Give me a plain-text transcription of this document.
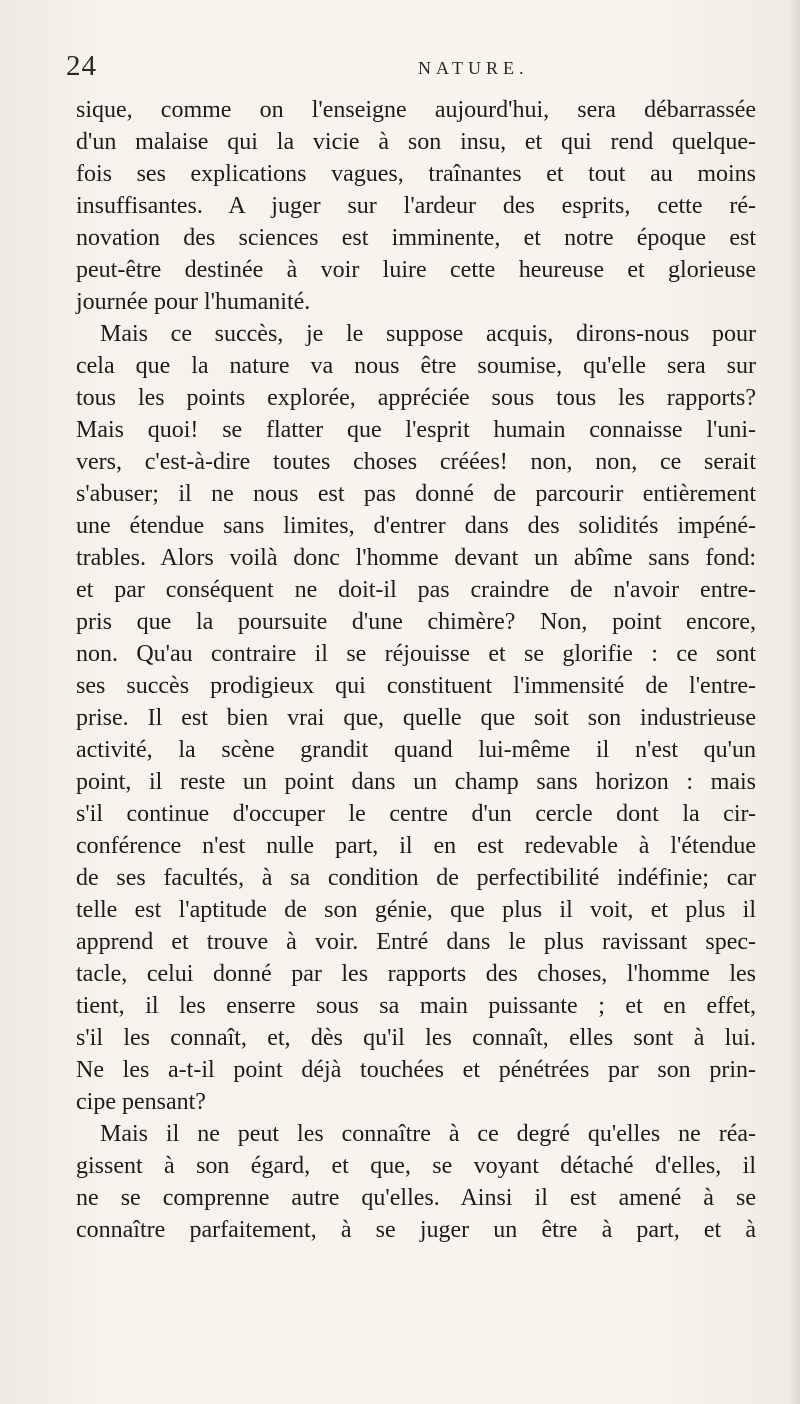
24	NATURE.
sique, comme on l'enseigne aujourd'hui, sera débarrassée
d'un malaise qui la vicie à son insu, et qui rend quelque-
fois ses explications vagues, traînantes et tout au moins
insuffisantes. A juger sur l'ardeur des esprits, cette ré-
novation des sciences est imminente, et notre époque est
peut-être destinée à voir luire cette heureuse et glorieuse
journée pour l'humanité.
Mais ce succès, je le suppose acquis, dirons-nous pour
cela que la nature va nous être soumise, qu'elle sera sur
tous les points explorée, appréciée sous tous les rapports?
Mais quoi! se flatter que l'esprit humain connaisse l'uni-
vers, c'est-à-dire toutes choses créées! non, non, ce serait
s'abuser; il ne nous est pas donné de parcourir entièrement
une étendue sans limites, d'entrer dans des solidités impéné-
trables. Alors voilà donc l'homme devant un abîme sans fond:
et par conséquent ne doit-il pas craindre de n'avoir entre-
pris que la poursuite d'une chimère? Non, point encore,
non. Qu'au contraire il se réjouisse et se glorifie : ce sont
ses succès prodigieux qui constituent l'immensité de l'entre-
prise. Il est bien vrai que, quelle que soit son industrieuse
activité, la scène grandit quand lui-même il n'est qu'un
point, il reste un point dans un champ sans horizon : mais
s'il continue d'occuper le centre d'un cercle dont la cir-
conférence n'est nulle part, il en est redevable à l'étendue
de ses facultés, à sa condition de perfectibilité indéfinie; car
telle est l'aptitude de son génie, que plus il voit, et plus il
apprend et trouve à voir. Entré dans le plus ravissant spec-
tacle, celui donné par les rapports des choses, l'homme les
tient, il les enserre sous sa main puissante ; et en effet,
s'il les connaît, et, dès qu'il les connaît, elles sont à lui.
Ne les a-t-il point déjà touchées et pénétrées par son prin-
cipe pensant?
Mais il ne peut les connaître à ce degré qu'elles ne réa-
gissent à son égard, et que, se voyant détaché d'elles, il
ne se comprenne autre qu'elles. Ainsi il est amené à se
connaître parfaitement, à se juger un être à part, et à
